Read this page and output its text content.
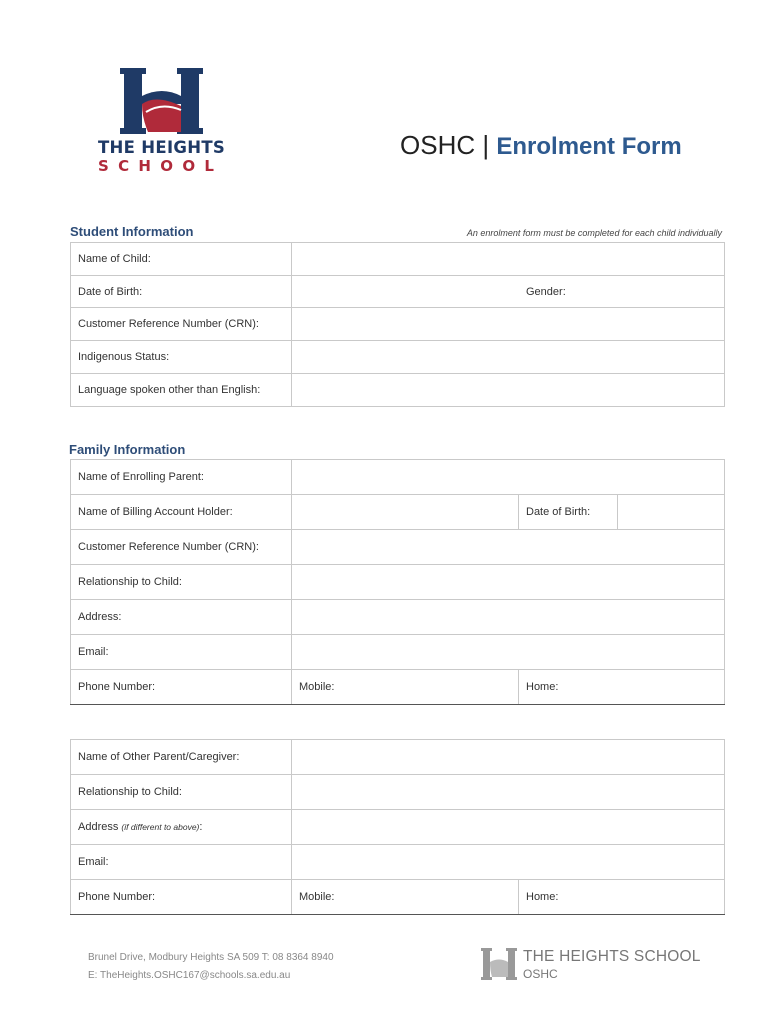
THE HEIGHTS
SCHOOL
OSHC | Enrolment Form
Student Information	An enrolment form must be completed for each child individually
Name of Child:	
Date of Birth:	Gender:

Customer Reference Number (CRN):	
Indigenous Status:	
Language spoken other than English:	
Family Information
Name of Enrolling Parent:			
Name of Billing Account Holder:		Date of Birth:	
Customer Reference Number (CRN):			
Relationship to Child:			
Address:			
Email:			
Phone Number:	Mobile:	Home:	
Name of Other Parent/Caregiver:		
Relationship to Child:		
Address (if different to above):		
Email:		
Phone Number:	Mobile:	Home:
Brunel Drive, Modbury Heights SA 509 T: 08 8364 8940
E: TheHeights.OSHC167@schools.sa.edu.au
THE HEIGHTS SCHOOL
OSHC
